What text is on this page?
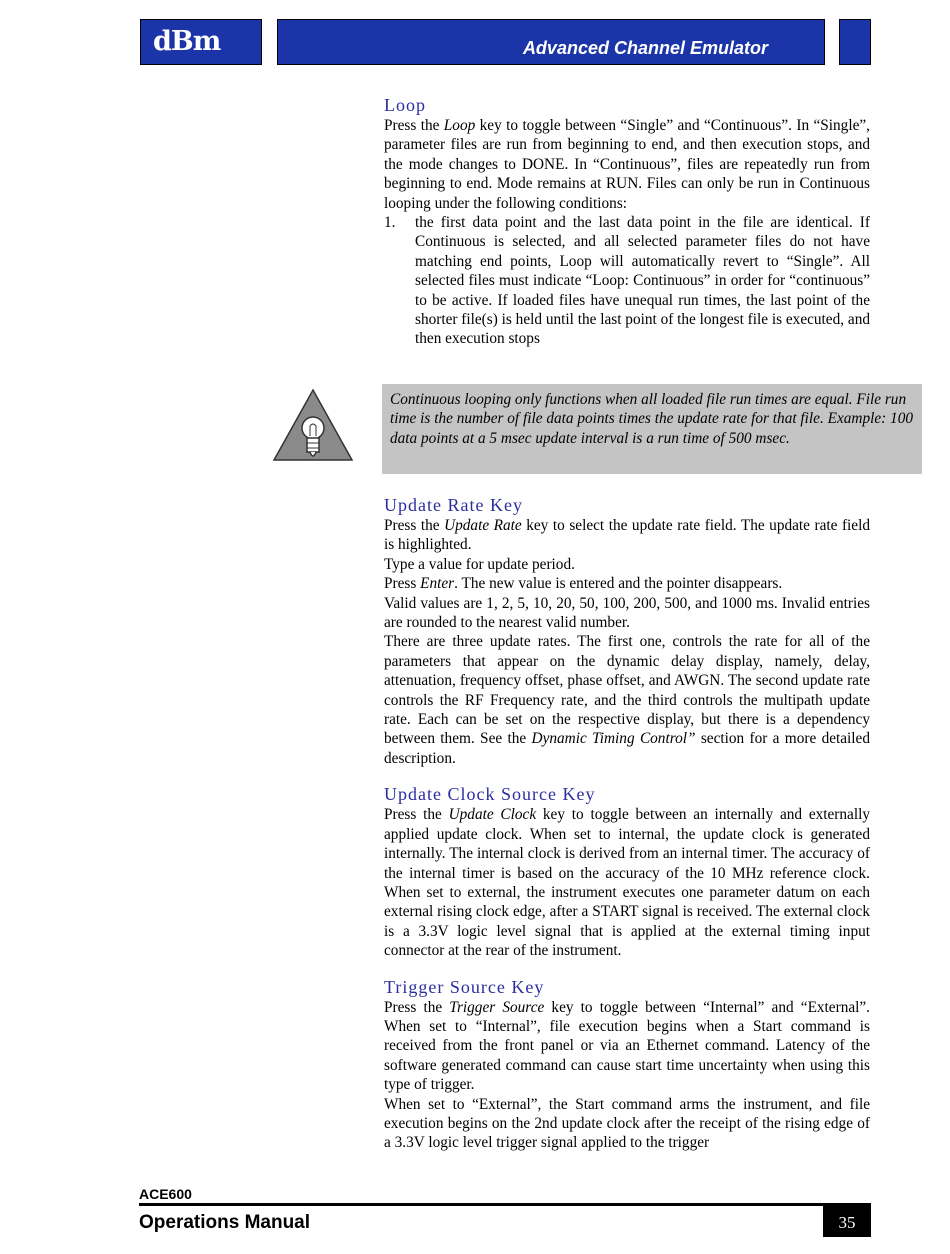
dBm	Advanced Channel Emulator
Loop

Press the Loop key to toggle between “Single” and “Continuous”. In “Single”, parameter files are run from beginning to end, and then execution stops, and the mode changes to DONE. In “Continuous”, files are repeatedly run from beginning to end. Mode remains at RUN. Files can only be run in Continuous looping under the following conditions:

1.	the first data point and the last data point in the file are identical. If Continuous is selected, and all selected parameter files do not have matching end points, Loop will automatically revert to “Single”. All selected files must indicate “Loop: Continuous” in order for “continuous” to be active. If loaded files have unequal run times, the last point of the shorter file(s) is held until the last point of the longest file is executed, and then execution stops
Continuous looping only functions when all loaded file run times are equal. File run time is the number of file data points times the update rate for that file. Example: 100 data points at a 5 msec update interval is a run time of 500 msec.
Update Rate Key

Press the Update Rate key to select the update rate field. The update rate field is highlighted.

Type a value for update period.

Press Enter. The new value is entered and the pointer disappears.

Valid values are 1, 2, 5, 10, 20, 50, 100, 200, 500, and 1000 ms. Invalid entries are rounded to the nearest valid number.

There are three update rates. The first one, controls the rate for all of the parameters that appear on the dynamic delay display, namely, delay, attenuation, frequency offset, phase offset, and AWGN. The second update rate controls the RF Frequency rate, and the third controls the multipath update rate. Each can be set on the respective display, but there is a dependency between them. See the Dynamic Timing Control” section for a more detailed description.

Update Clock Source Key

Press the Update Clock key to toggle between an internally and externally applied update clock. When set to internal, the update clock is generated internally. The internal clock is derived from an internal timer. The accuracy of the internal timer is based on the accuracy of the 10 MHz reference clock. When set to external, the instrument executes one parameter datum on each external rising clock edge, after a START signal is received. The external clock is a 3.3V logic level signal that is applied at the external timing input connector at the rear of the instrument.

Trigger Source Key

Press the Trigger Source key to toggle between “Internal” and “External”. When set to “Internal”, file execution begins when a Start command is received from the front panel or via an Ethernet command. Latency of the software generated command can cause start time uncertainty when using this type of trigger.

When set to “External”, the Start command arms the instrument, and file execution begins on the 2nd update clock after the receipt of the rising edge of a 3.3V logic level trigger signal applied to the trigger

ACE600
Operations Manual	35
